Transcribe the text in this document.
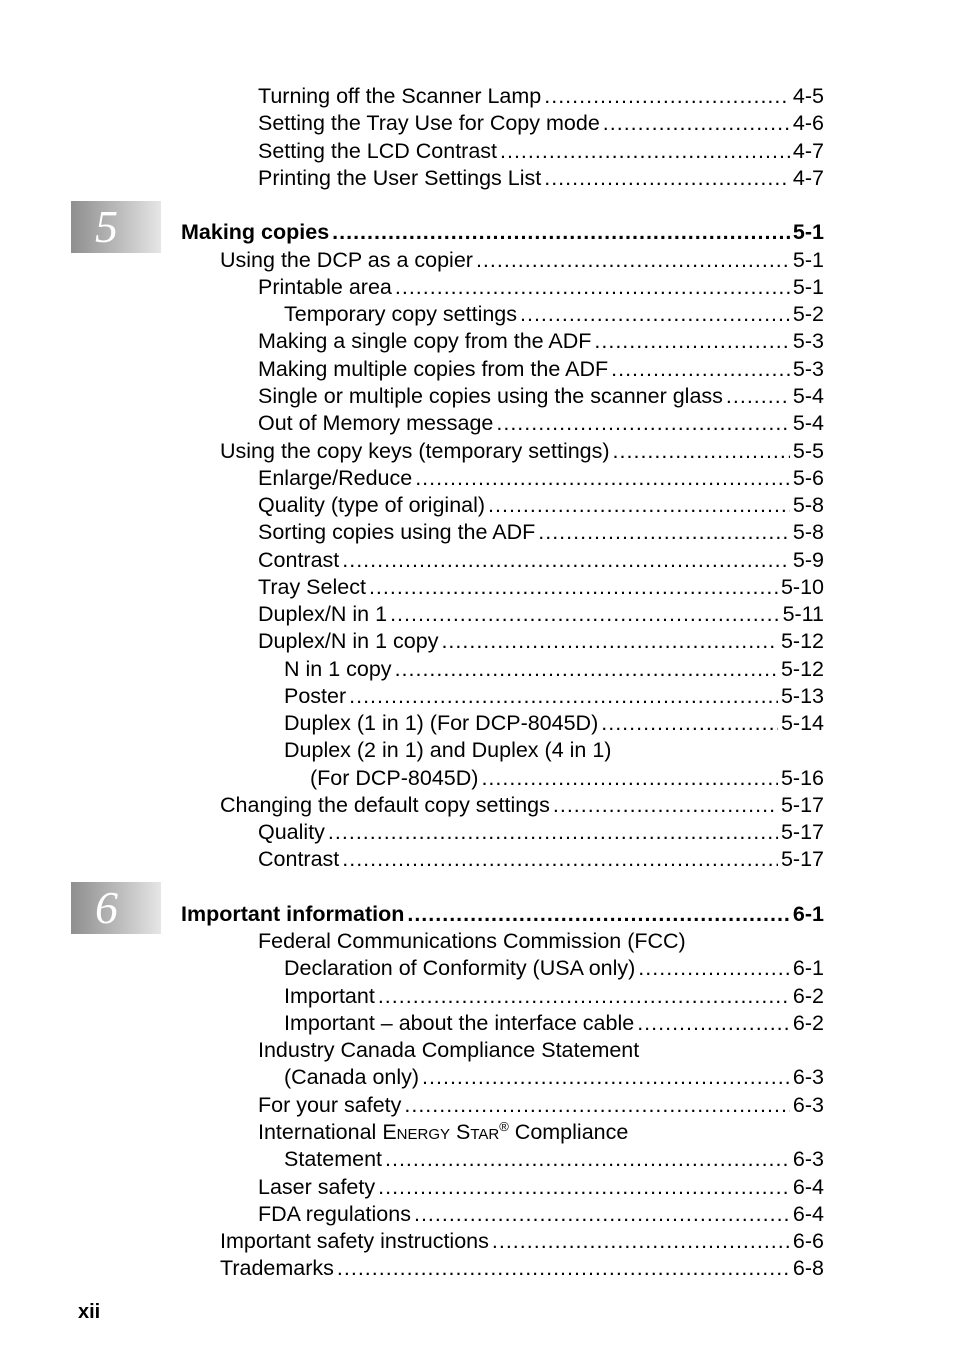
5
6
Turning off the Scanner Lamp .....	4-5
Setting the Tray Use for Copy mode .....	4-6
Setting the LCD Contrast .....	4-7
Printing the User Settings List .....	4-7
Making copies .....	5-1
Using the DCP as a copier .....	5-1
Printable area .....	5-1
Temporary copy settings .....	5-2
Making a single copy from the ADF .....	5-3
Making multiple copies from the ADF .....	5-3
Single or multiple copies using the scanner glass .....	5-4
Out of Memory message .....	5-4
Using the copy keys (temporary settings) .....	5-5
Enlarge/Reduce .....	5-6
Quality (type of original) .....	5-8
Sorting copies using the ADF .....	5-8
Contrast .....	5-9
Tray Select .....	5-10
Duplex/N in 1 .....	5-11
Duplex/N in 1 copy .....	5-12
N in 1 copy .....	5-12
Poster .....	5-13
Duplex (1 in 1) (For DCP-8045D) .....	5-14
Duplex (2 in 1) and Duplex (4 in 1)
(For DCP-8045D) .....	5-16
Changing the default copy settings .....	5-17
Quality .....	5-17
Contrast .....	5-17
Important information .....	6-1
Federal Communications Commission (FCC)
Declaration of Conformity (USA only) .....	6-1
Important .....	6-2
Important – about the interface cable .....	6-2
Industry Canada Compliance Statement
(Canada only) .....	6-3
For your safety .....	6-3
International ENERGY STAR® Compliance
Statement .....	6-3
Laser safety .....	6-4
FDA regulations .....	6-4
Important safety instructions .....	6-6
Trademarks .....	6-8
xii
